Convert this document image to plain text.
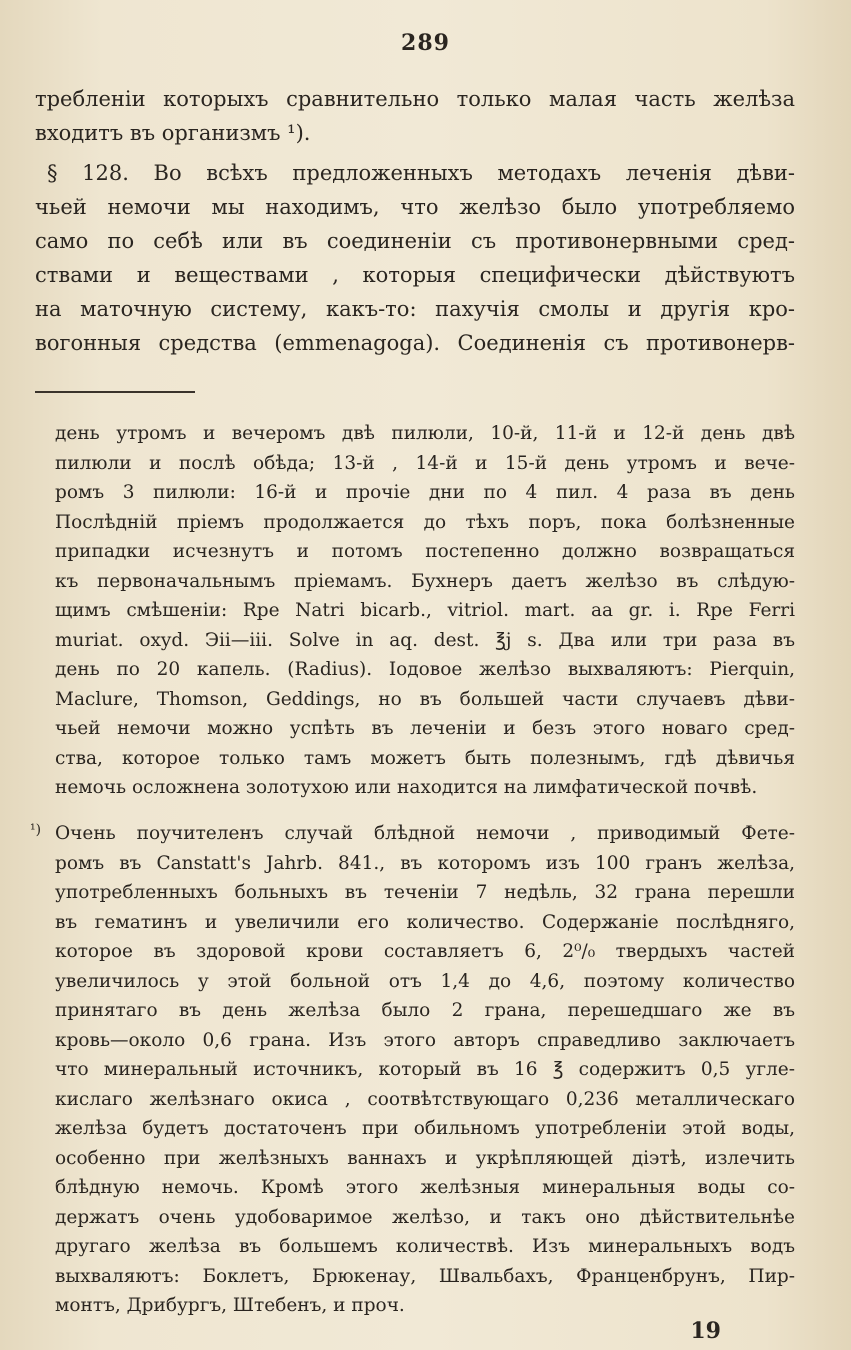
289
требленіи которыхъ сравнительно только малая часть желѣза
входитъ въ организмъ ¹).
§ 128. Во всѣхъ предложенныхъ методахъ леченія дѣви-
чьей немочи мы находимъ, что желѣзо было употребляемо
само по себѣ или въ соединеніи съ противонервными сред-
ствами и веществами , которыя специфически дѣйствуютъ
на маточную систему, какъ-то: пахучія смолы и другія кро-
вогонныя средства (emmenagoga). Соединенія съ противонерв-
день утромъ и вечеромъ двѣ пилюли, 10-й, 11-й и 12-й день двѣ
пилюли и послѣ обѣда; 13-й , 14-й и 15-й день утромъ и вече-
ромъ 3 пилюли: 16-й и прочіе дни по 4 пил. 4 раза въ день
Послѣдній пріемъ продолжается до тѣхъ поръ, пока болѣзненные
припадки исчезнутъ и потомъ постепенно должно возвращаться
къ первоначальнымъ пріемамъ. Бухнеръ даетъ желѣзо въ слѣдую-
щимъ смѣшеніи: Rpe Natri bicarb., vitriol. mart. aa gr. i. Rpe Ferri
muriat. oxyd. Эii—iii. Solve in aq. dest. ℥j s. Два или три раза въ
день по 20 капель. (Radius). Іодовое желѣзо выхваляютъ: Pierquin,
Maclure, Thomson, Geddings, но въ большей части случаевъ дѣви-
чьей немочи можно успѣть въ леченіи и безъ этого новаго сред-
ства, которое только тамъ можетъ быть полезнымъ, гдѣ дѣвичья
немочь осложнена золотухою или находится на лимфатической почвѣ.
¹) Очень поучителенъ случай блѣдной немочи , приводимый Фете-
ромъ въ Canstatt's Jahrb. 841., въ которомъ изъ 100 гранъ желѣза,
употребленныхъ больныхъ въ теченіи 7 недѣль, 32 грана перешли
въ гематинъ и увеличили его количество. Содержаніе послѣдняго,
которое въ здоровой крови составляетъ 6, 2⁰/₀ твердыхъ частей
увеличилось у этой больной отъ 1,4 до 4,6, поэтому количество
принятаго въ день желѣза было 2 грана, перешедшаго же въ
кровь—около 0,6 грана. Изъ этого авторъ справедливо заключаетъ
что минеральный источникъ, который въ 16 ℥ содержитъ 0,5 угле-
кислаго желѣзнаго окиса , соотвѣтствующаго 0,236 металлическаго
желѣза будетъ достаточенъ при обильномъ употребленіи этой воды,
особенно при желѣзныхъ ваннахъ и укрѣпляющей діэтѣ, излечить
блѣдную немочь. Кромѣ этого желѣзныя минеральныя воды со-
держатъ очень удобоваримое желѣзо, и такъ оно дѣйствительнѣе
другаго желѣза въ большемъ количествѣ. Изъ минеральныхъ водъ
выхваляютъ: Боклетъ, Брюкенау, Швальбахъ, Франценбрунъ, Пир-
монтъ, Дрибургъ, Штебенъ, и проч.
19
